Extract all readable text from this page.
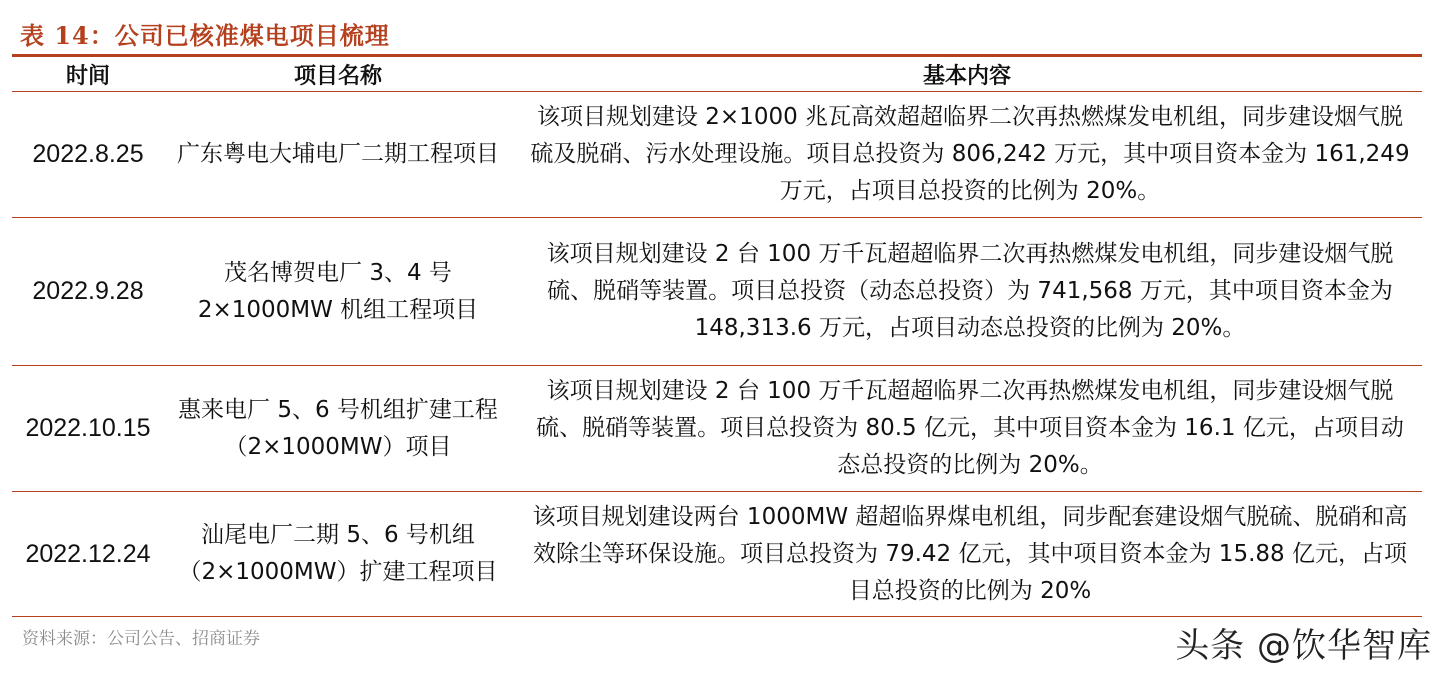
表 14：公司已核准煤电项目梳理
时间	项目名称	基本内容
2022.8.25	广东粤电大埔电厂二期工程项目	该项目规划建设 2×1000 兆瓦高效超超临界二次再热燃煤发电机组，同步建设烟气脱硫及脱硝、污水处理设施。项目总投资为 806,242 万元，其中项目资本金为 161,249 万元，占项目总投资的比例为 20%。
2022.9.28	茂名博贺电厂 3、4 号 2×1000MW 机组工程项目	该项目规划建设 2 台 100 万千瓦超超临界二次再热燃煤发电机组，同步建设烟气脱硫、脱硝等装置。项目总投资（动态总投资）为 741,568 万元，其中项目资本金为 148,313.6 万元，占项目动态总投资的比例为 20%。
2022.10.15	惠来电厂 5、6 号机组扩建工程（2×1000MW）项目	该项目规划建设 2 台 100 万千瓦超超临界二次再热燃煤发电机组，同步建设烟气脱硫、脱硝等装置。项目总投资为 80.5 亿元，其中项目资本金为 16.1 亿元，占项目动态总投资的比例为 20%。
2022.12.24	汕尾电厂二期 5、6 号机组（2×1000MW）扩建工程项目	该项目规划建设两台 1000MW 超超临界煤电机组，同步配套建设烟气脱硫、脱硝和高效除尘等环保设施。项目总投资为 79.42 亿元，其中项目资本金为 15.88 亿元，占项目总投资的比例为 20%
资料来源：公司公告、招商证券	头条 @饮华智库
